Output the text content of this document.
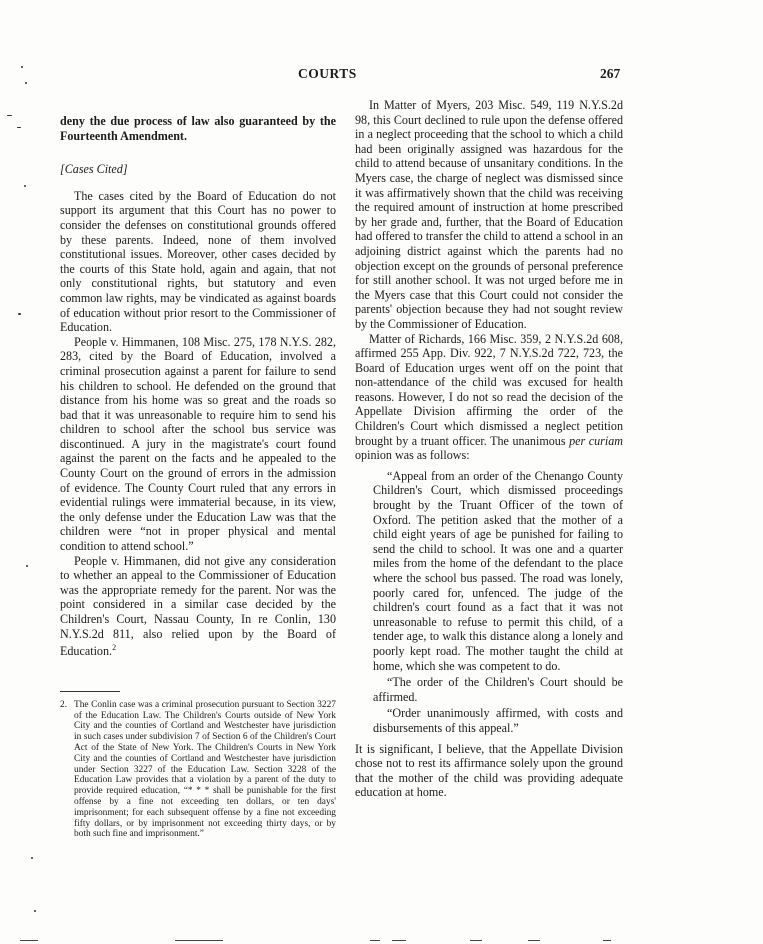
COURTS	267

deny the due process of law also guaranteed by the Fourteenth Amendment.

[Cases Cited]

The cases cited by the Board of Education do not support its argument that this Court has no power to consider the defenses on constitutional grounds offered by these parents. Indeed, none of them involved constitutional issues. Moreover, other cases decided by the courts of this State hold, again and again, that not only constitutional rights, but statutory and even common law rights, may be vindicated as against boards of education without prior resort to the Commissioner of Education.

People v. Himmanen, 108 Misc. 275, 178 N.Y.S. 282, 283, cited by the Board of Education, involved a criminal prosecution against a parent for failure to send his children to school. He defended on the ground that distance from his home was so great and the roads so bad that it was unreasonable to require him to send his children to school after the school bus service was discontinued. A jury in the magistrate's court found against the parent on the facts and he appealed to the County Court on the ground of errors in the admission of evidence. The County Court ruled that any errors in evidential rulings were immaterial because, in its view, the only defense under the Education Law was that the children were “not in proper physical and mental condition to attend school.”

People v. Himmanen, did not give any consideration to whether an appeal to the Commissioner of Education was the appropriate remedy for the parent. Nor was the point considered in a similar case decided by the Children's Court, Nassau County, In re Conlin, 130 N.Y.S.2d 811, also relied upon by the Board of Education.$^2$

2. The Conlin case was a criminal prosecution pursuant to Section 3227 of the Education Law. The Children's Courts outside of New York City and the counties of Cortland and Westchester have jurisdiction in such cases under subdivision 7 of Section 6 of the Children's Court Act of the State of New York. The Children's Courts in New York City and the counties of Cortland and Westchester have jurisdiction under Section 3227 of the Education Law. Section 3228 of the Education Law provides that a violation by a parent of the duty to provide required education, “* * * shall be punishable for the first offense by a fine not exceeding ten dollars, or ten days' imprisonment; for each subsequent offense by a fine not exceeding fifty dollars, or by imprisonment not exceeding thirty days, or by both such fine and imprisonment.”

In Matter of Myers, 203 Misc. 549, 119 N.Y.S.2d 98, this Court declined to rule upon the defense offered in a neglect proceeding that the school to which a child had been originally assigned was hazardous for the child to attend because of unsanitary conditions. In the Myers case, the charge of neglect was dismissed since it was affirmatively shown that the child was receiving the required amount of instruction at home prescribed by her grade and, further, that the Board of Education had offered to transfer the child to attend a school in an adjoining district against which the parents had no objection except on the grounds of personal preference for still another school. It was not urged before me in the Myers case that this Court could not consider the parents' objection because they had not sought review by the Commissioner of Education.

Matter of Richards, 166 Misc. 359, 2 N.Y.S.2d 608, affirmed 255 App. Div. 922, 7 N.Y.S.2d 722, 723, the Board of Education urges went off on the point that non-attendance of the child was excused for health reasons. However, I do not so read the decision of the Appellate Division affirming the order of the Children's Court which dismissed a neglect petition brought by a truant officer. The unanimous per curiam opinion was as follows:

“Appeal from an order of the Chenango County Children's Court, which dismissed proceedings brought by the Truant Officer of the town of Oxford. The petition asked that the mother of a child eight years of age be punished for failing to send the child to school. It was one and a quarter miles from the home of the defendant to the place where the school bus passed. The road was lonely, poorly cared for, unfenced. The judge of the children's court found as a fact that it was not unreasonable to refuse to permit this child, of a tender age, to walk this distance along a lonely and poorly kept road. The mother taught the child at home, which she was competent to do.

“The order of the Children's Court should be affirmed.

“Order unanimously affirmed, with costs and disbursements of this appeal.”

It is significant, I believe, that the Appellate Division chose not to rest its affirmance solely upon the ground that the mother of the child was providing adequate education at home.
